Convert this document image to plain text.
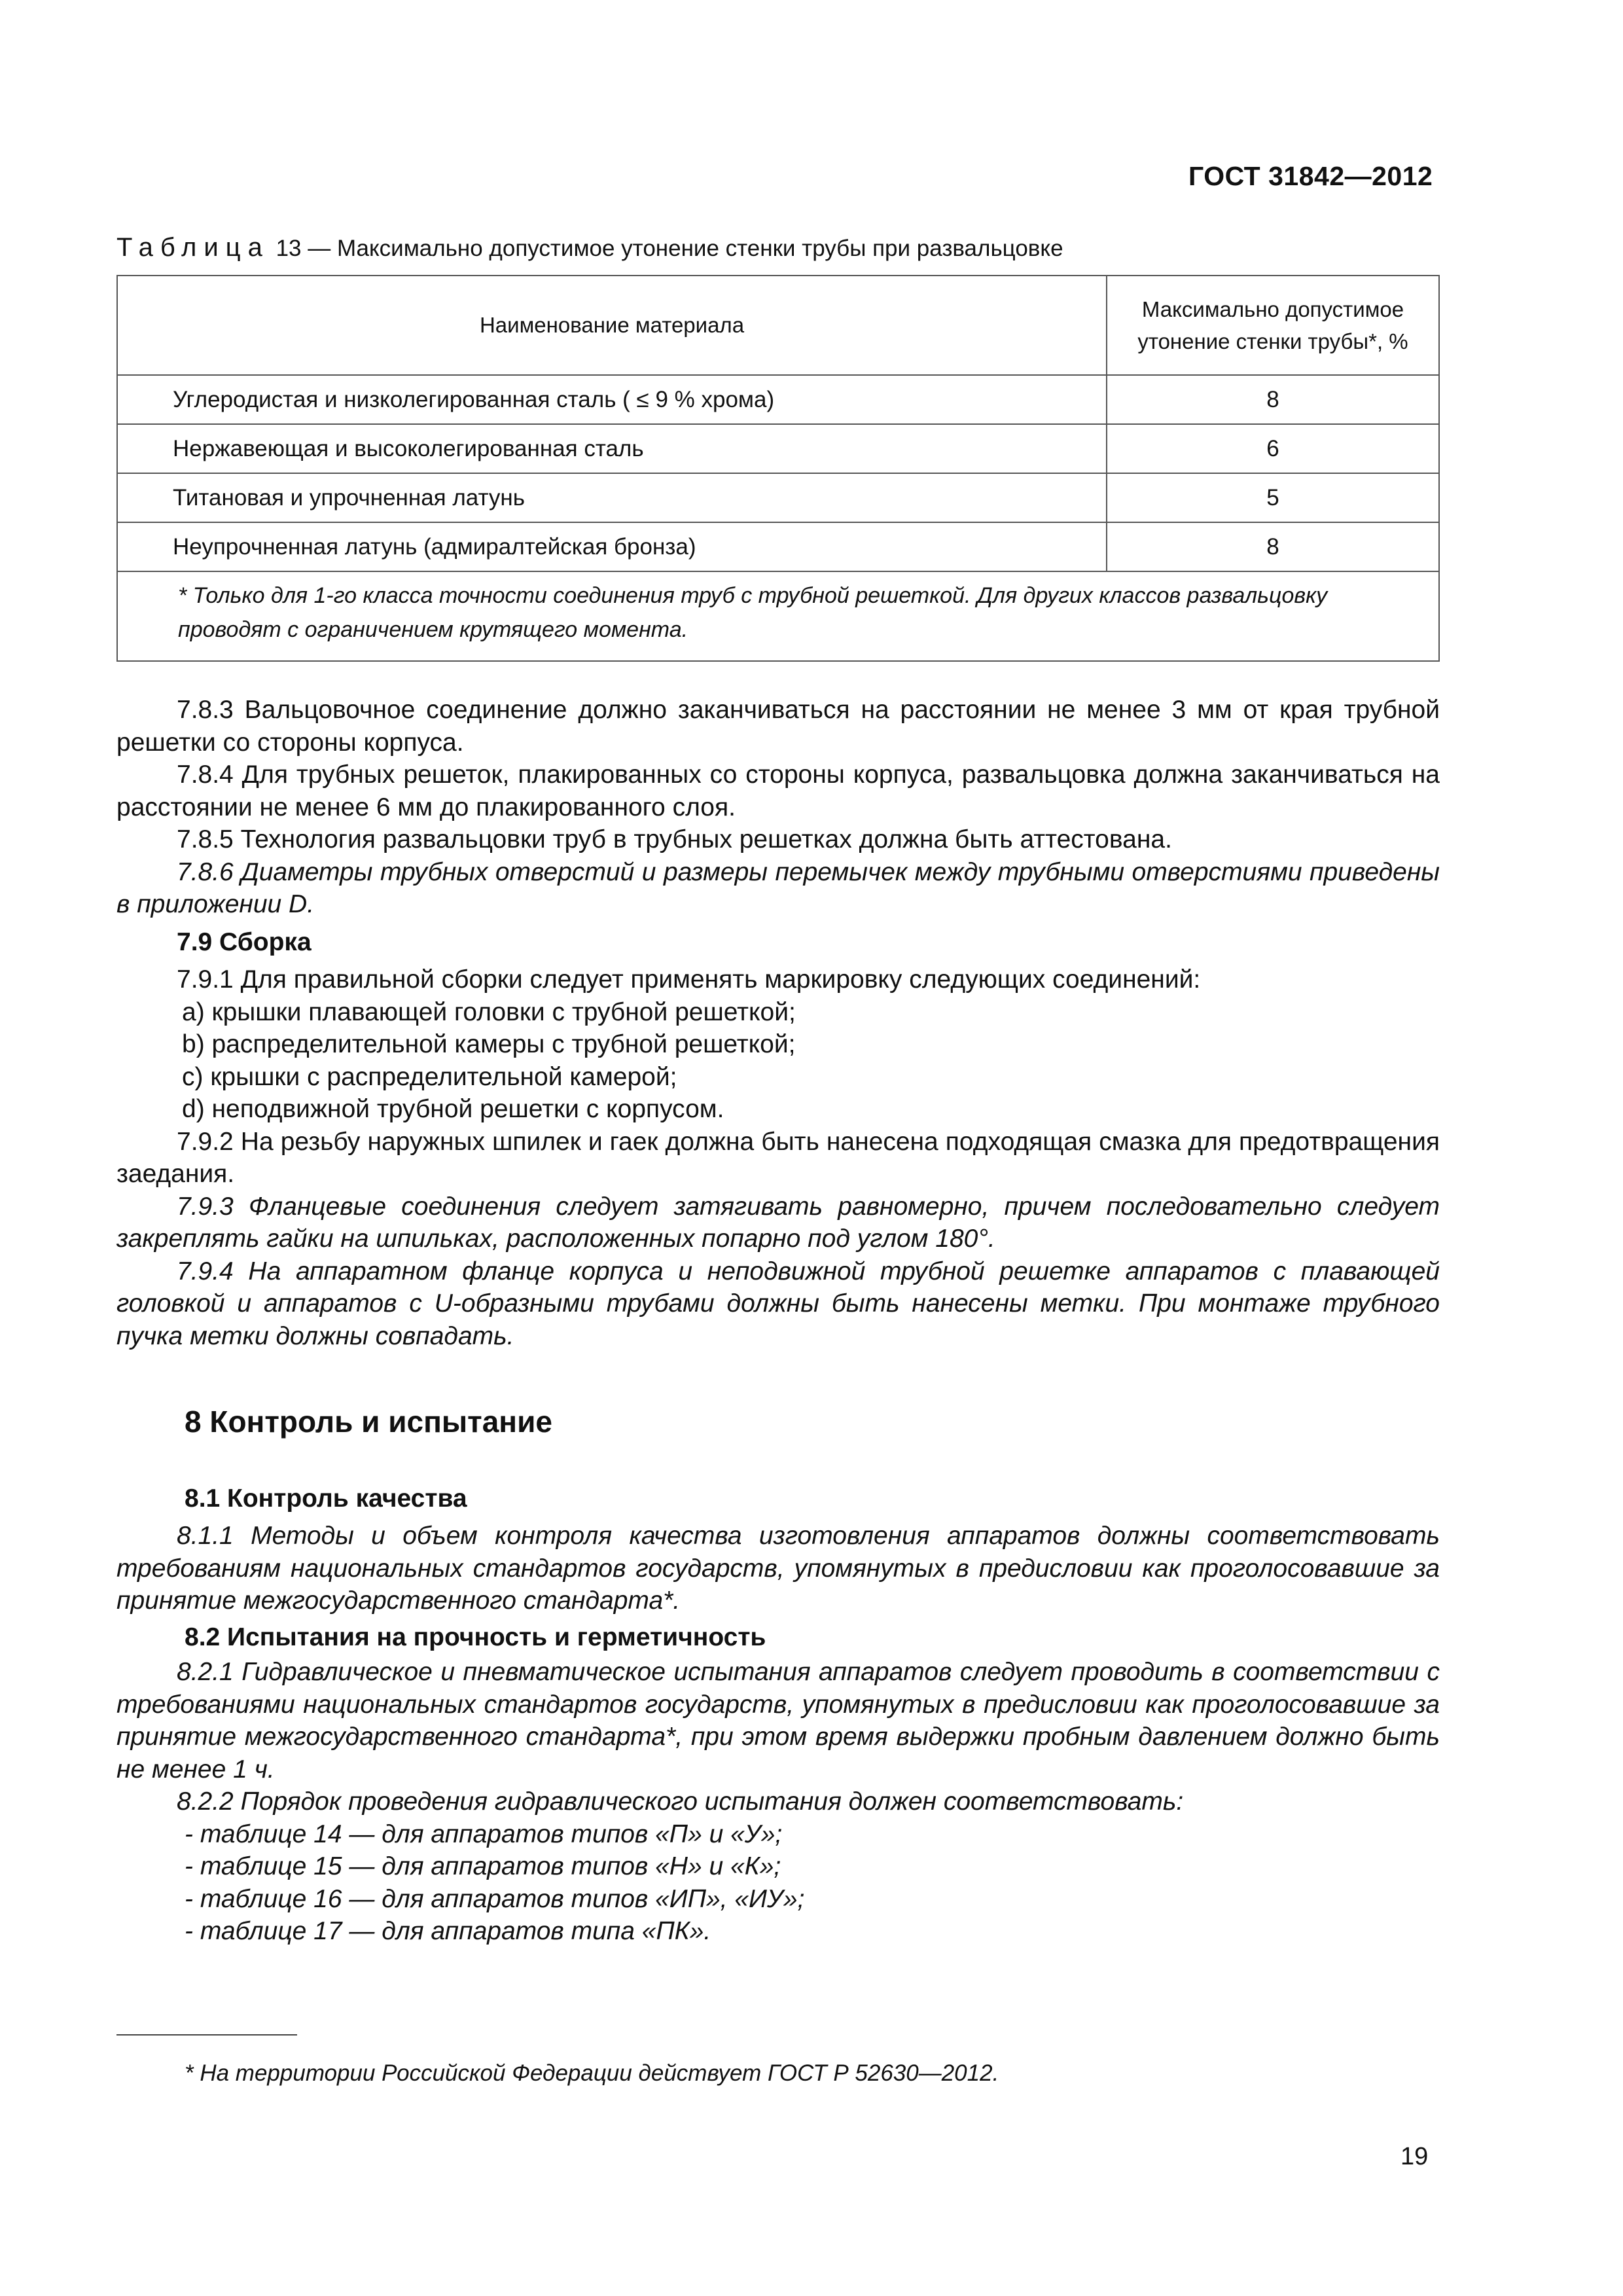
ГОСТ 31842—2012
Таблица 13 — Максимально допустимое утонение стенки трубы при развальцовке
Наименование материала	Максимально допустимое
утонение стенки трубы*, %

Углеродистая и низколегированная сталь ( ≤ 9 % хрома)	8
Нержавеющая и высоколегированная сталь	6
Титановая и упрочненная латунь	5
Неупрочненная латунь (адмиралтейская бронза)	8
* Только для 1-го класса точности соединения труб с трубной решеткой. Для других классов развальцовку проводят с ограничением крутящего момента.	

7.8.3 Вальцовочное соединение должно заканчиваться на расстоянии не менее 3 мм от края трубной решетки со стороны корпуса.

7.8.4 Для трубных решеток, плакированных со стороны корпуса, развальцовка должна заканчиваться на расстоянии не менее 6 мм до плакированного слоя.

7.8.5 Технология развальцовки труб в трубных решетках должна быть аттестована.

7.8.6 Диаметры трубных отверстий и размеры перемычек между трубными отверстиями приведены в приложении D.

7.9 Сборка

7.9.1 Для правильной сборки следует применять маркировку следующих соединений:

a) крышки плавающей головки с трубной решеткой;

b) распределительной камеры с трубной решеткой;

c) крышки с распределительной камерой;

d) неподвижной трубной решетки с корпусом.

7.9.2 На резьбу наружных шпилек и гаек должна быть нанесена подходящая смазка для предотвращения заедания.

7.9.3 Фланцевые соединения следует затягивать равномерно, причем последовательно следует закреплять гайки на шпильках, расположенных попарно под углом 180°.

7.9.4 На аппаратном фланце корпуса и неподвижной трубной решетке аппаратов с плавающей головкой и аппаратов с U-образными трубами должны быть нанесены метки. При монтаже трубного пучка метки должны совпадать.

8 Контроль и испытание
8.1 Контроль качества

8.1.1 Методы и объем контроля качества изготовления аппаратов должны соответствовать требованиям национальных стандартов государств, упомянутых в предисловии как проголосовавшие за принятие межгосударственного стандарта*.

8.2 Испытания на прочность и герметичность

8.2.1 Гидравлическое и пневматическое испытания аппаратов следует проводить в соответствии с требованиями национальных стандартов государств, упомянутых в предисловии как проголосовавшие за принятие межгосударственного стандарта*, при этом время выдержки пробным давлением должно быть не менее 1 ч.

8.2.2 Порядок проведения гидравлического испытания должен соответствовать:

- таблице 14 — для аппаратов типов «П» и «У»;

- таблице 15 — для аппаратов типов «Н» и «К»;

- таблице 16 — для аппаратов типов «ИП», «ИУ»;

- таблице 17 — для аппаратов типа «ПК».

* На территории Российской Федерации действует ГОСТ Р 52630—2012.
19
